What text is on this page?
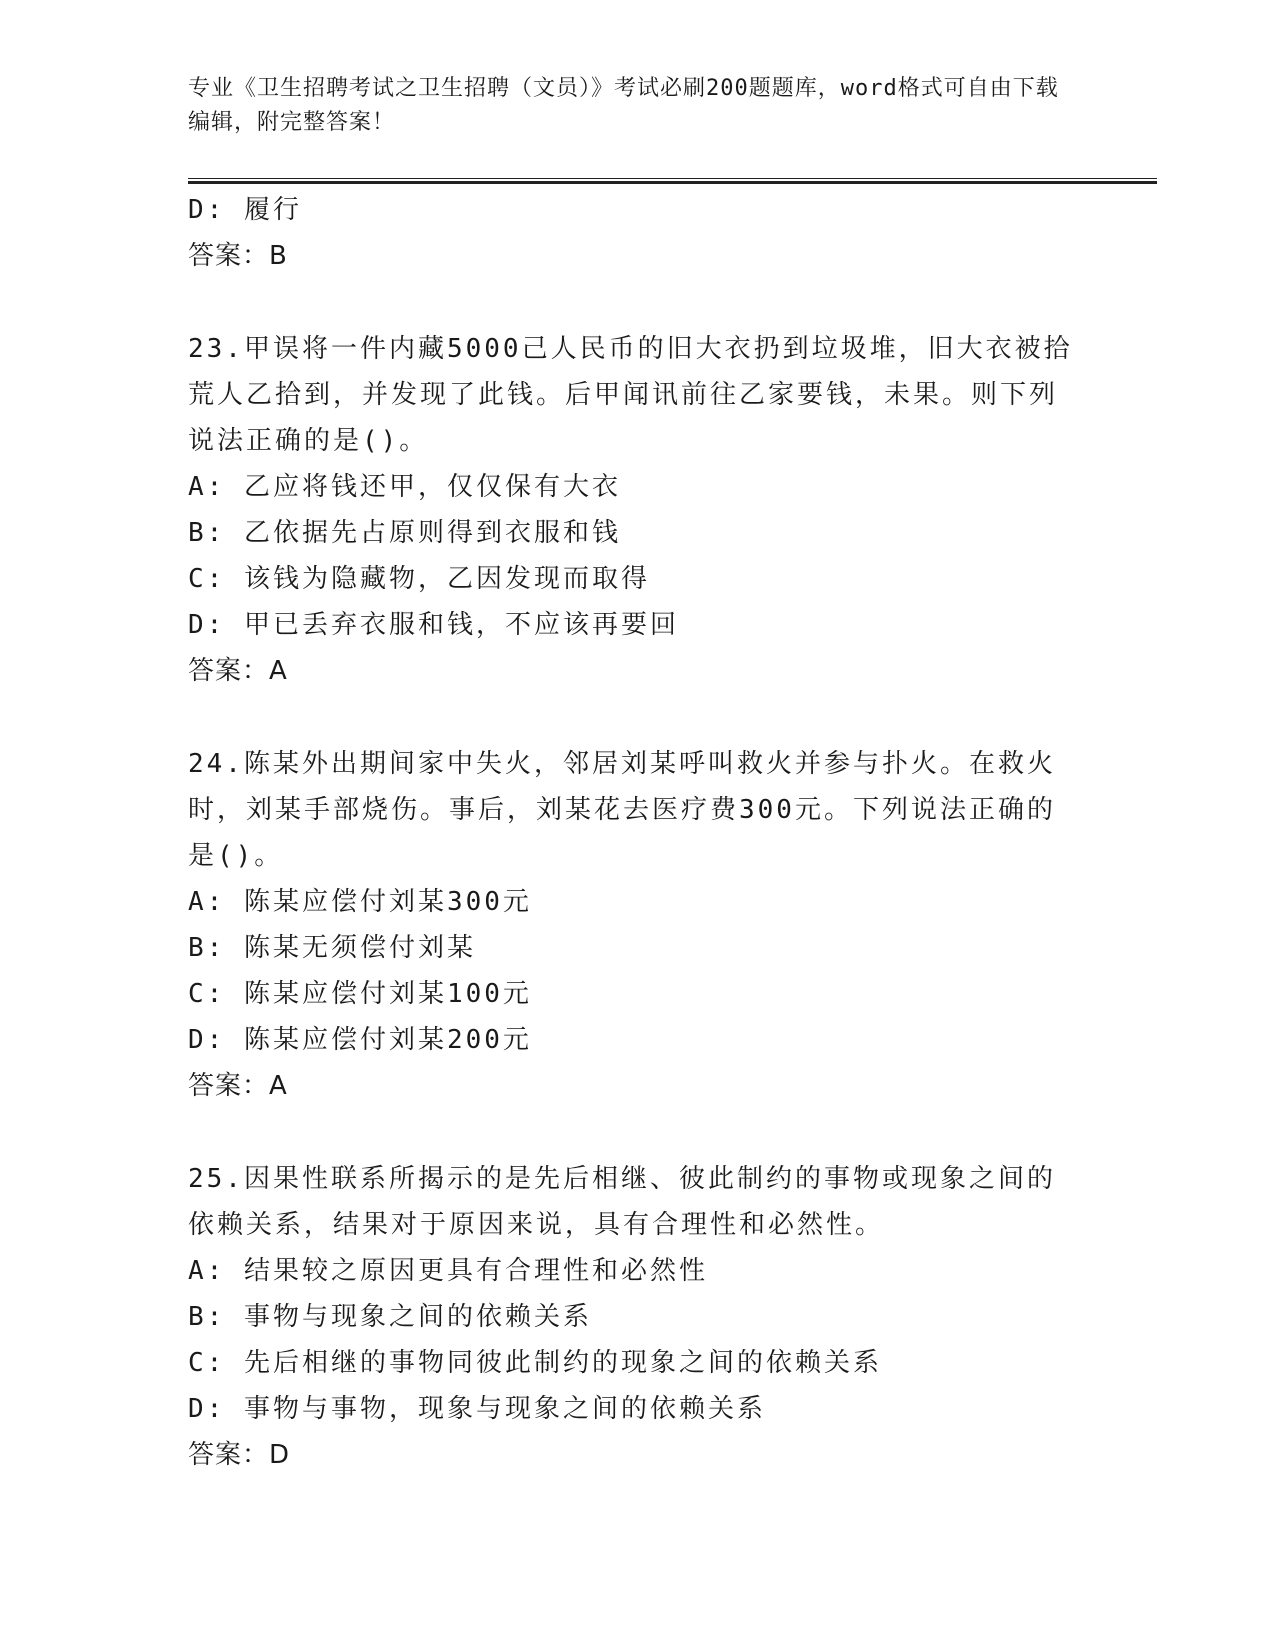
专业《卫生招聘考试之卫生招聘（文员）》考试必刷200题题库，word格式可自由下载编辑，附完整答案！
D: 履行
答案：B
23.甲误将一件内藏5000己人民币的旧大衣扔到垃圾堆，旧大衣被拾荒人乙拾到，并发现了此钱。后甲闻讯前往乙家要钱，未果。则下列说法正确的是()。
A: 乙应将钱还甲，仅仅保有大衣
B: 乙依据先占原则得到衣服和钱
C: 该钱为隐藏物，乙因发现而取得
D: 甲已丢弃衣服和钱，不应该再要回
答案：A
24.陈某外出期间家中失火，邻居刘某呼叫救火并参与扑火。在救火时，刘某手部烧伤。事后，刘某花去医疗费300元。下列说法正确的是()。
A: 陈某应偿付刘某300元
B: 陈某无须偿付刘某
C: 陈某应偿付刘某100元
D: 陈某应偿付刘某200元
答案：A
25.因果性联系所揭示的是先后相继、彼此制约的事物或现象之间的依赖关系，结果对于原因来说，具有合理性和必然性。
A: 结果较之原因更具有合理性和必然性
B: 事物与现象之间的依赖关系
C: 先后相继的事物同彼此制约的现象之间的依赖关系
D: 事物与事物，现象与现象之间的依赖关系
答案：D
